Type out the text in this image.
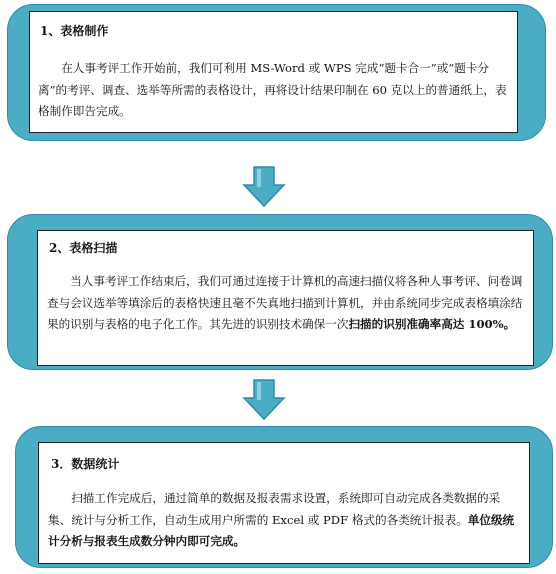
1、表格制作

在人事考评工作开始前，我们可利用 MS-Word 或 WPS 完成“题卡合一”或“题卡分离”的考评、调查、选举等所需的表格设计，再将设计结果印制在 60 克以上的普通纸上，表格制作即告完成。

2、表格扫描

当人事考评工作结束后，我们可通过连接于计算机的高速扫描仪将各种人事考评、问卷调查与会议选举等填涂后的表格快速且毫不失真地扫描到计算机，并由系统同步完成表格填涂结果的识别与表格的电子化工作。其先进的识别技术确保一次扫描的识别准确率高达 100%。

3．数据统计

扫描工作完成后，通过简单的数据及报表需求设置，系统即可自动完成各类数据的采集、统计与分析工作，自动生成用户所需的 Excel 或 PDF 格式的各类统计报表。单位级统计分析与报表生成数分钟内即可完成。
